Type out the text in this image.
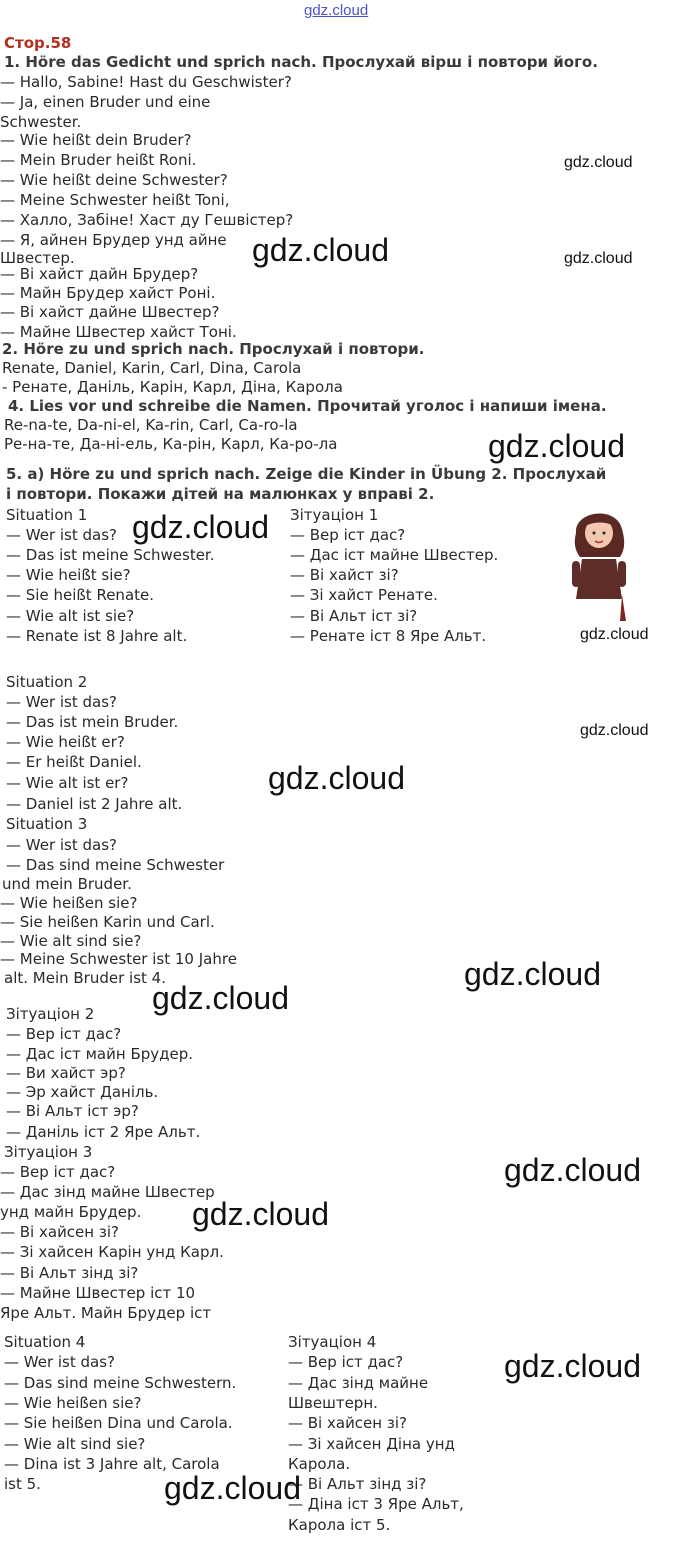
gdz.cloud
Стор.58
1. Höre das Gedicht und sprich nach. Прослухай вірш і повтори його.
— Hallo, Sabine! Hast du Geschwister?
— Ja, einen Bruder und eine
Schwester.
— Wie heißt dein Bruder?
— Mein Bruder heißt Roni.
— Wie heißt deine Schwester?
— Meine Schwester heißt Toni,
— Халло, Забіне! Хаст ду Гешвістер?
— Я, айнен Брудер унд айне
Швестер.
— Ві хайст дайн Брудер?
— Майн Брудер хайст Роні.
— Ві хайст дайне Швестер?
— Майне Швестер хайст Тоні.
2. Höre zu und sprich nach. Прослухай і повтори.
Renate, Daniel, Karin, Carl, Dina, Carola
- Ренате, Даніль, Карін, Карл, Діна, Карола
4. Lies vor und schreibe die Namen. Прочитай уголос і напиши імена.
Re-na-te, Da-ni-el, Ka-rin, Carl, Ca-ro-la
Ре-на-те, Да-ні-ель, Ка-рін, Карл, Ка-ро-ла
5. a) Höre zu und sprich nach. Zeige die Kinder in Übung 2. Прослухай
і повтори. Покажи дітей на малюнках у вправі 2.
Situation 1
— Wer ist das?
— Das ist meine Schwester.
— Wie heißt sie?
— Sie heißt Renate.
— Wie alt ist sie?
— Renate ist 8 Jahre alt.
Зітуаціон 1
— Вер іст дас?
— Дас іст майне Швестер.
— Ві хайст зі?
— Зі хайст Ренате.
— Ві Альт іст зі?
— Ренате іст 8 Яре Альт.
Situation 2
— Wer ist das?
— Das ist mein Bruder.
— Wie heißt er?
— Er heißt Daniel.
— Wie alt ist er?
— Daniel ist 2 Jahre alt.
Situation 3
— Wer ist das?
— Das sind meine Schwester
und mein Bruder.
— Wie heißen sie?
— Sie heißen Karin und Carl.
— Wie alt sind sie?
— Meine Schwester ist 10 Jahre
alt. Mein Bruder ist 4.
Зітуаціон 2
— Вер іст дас?
— Дас іст майн Брудер.
— Ви хайст эр?
— Эр хайст Даніль.
— Ві Альт іст эр?
— Даніль іст 2 Яре Альт.
Зітуаціон 3
— Вер іст дас?
— Дас зінд майне Швестер
унд майн Брудер.
— Ві хайсен зі?
— Зі хайсен Карін унд Карл.
— Ві Альт зінд зі?
— Майне Швестер іст 10
Яре Альт. Майн Брудер іст
Situation 4
— Wer ist das?
— Das sind meine Schwestern.
— Wie heißen sie?
— Sie heißen Dina und Carola.
— Wie alt sind sie?
— Dina ist 3 Jahre alt, Carola
ist 5.
Зітуаціон 4
— Вер іст дас?
— Дас зінд майне
Швештерн.
— Ві хайсен зі?
— Зі хайсен Діна унд
Карола.
— Ві Альт зінд зі?
— Діна іст 3 Яре Альт,
Карола іст 5.
gdz.cloud
gdz.cloud	gdz.cloud
gdz.cloud
gdz.cloud
gdz.cloud
gdz.cloud
gdz.cloud
gdz.cloud
gdz.cloud
gdz.cloud
gdz.cloud
gdz.cloud
gdz.cloud
